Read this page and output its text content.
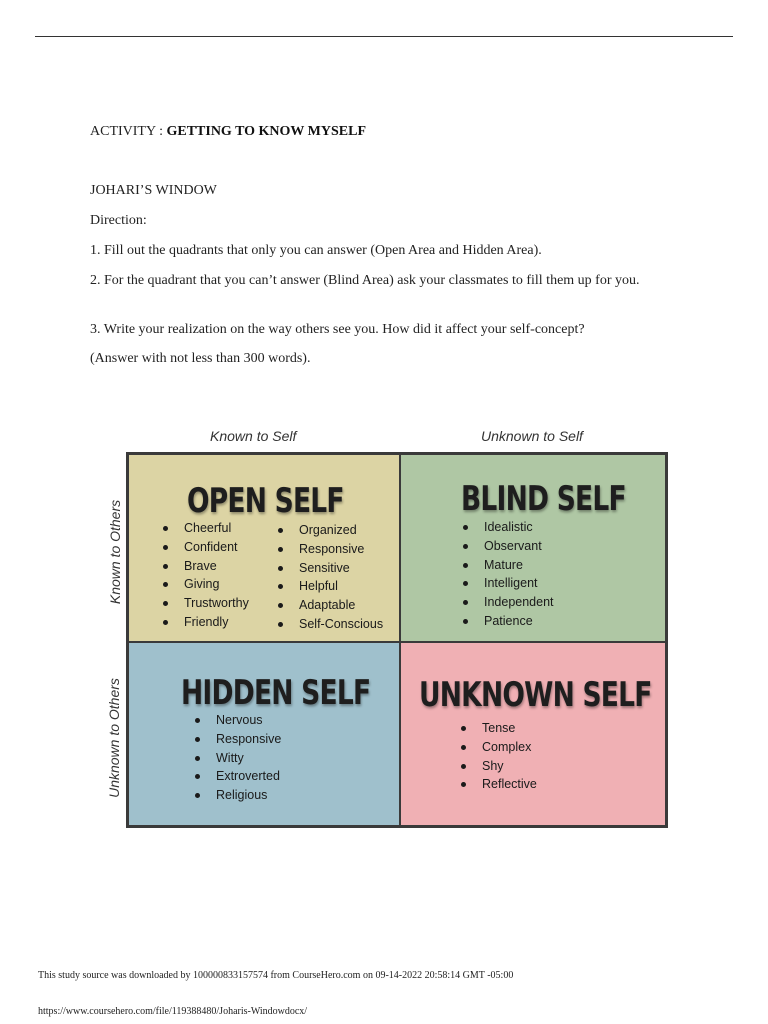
ACTIVITY : GETTING TO KNOW MYSELF

JOHARI’S WINDOW

Direction:

1. Fill out the quadrants that only you can answer (Open Area and Hidden Area).

2. For the quadrant that you can’t answer (Blind Area) ask your classmates to fill them up for you.

3. Write your realization on the way others see you. How did it affect your self-concept?

(Answer with not less than 300 words).

Known to Self	Unknown to Self
Known to Others
Unknown to Others
OPEN SELF
Cheerful
Confident
Brave
Giving
Trustworthy
Friendly
Organized
Responsive
Sensitive
Helpful
Adaptable
Self-Conscious
BLIND SELF
Idealistic
Observant
Mature
Intelligent
Independent
Patience
HIDDEN SELF
Nervous
Responsive
Witty
Extroverted
Religious
UNKNOWN SELF
Tense
Complex
Shy
Reflective

This study source was downloaded by 100000833157574 from CourseHero.com on 09-14-2022 20:58:14 GMT -05:00

https://www.coursehero.com/file/119388480/Joharis-Windowdocx/
